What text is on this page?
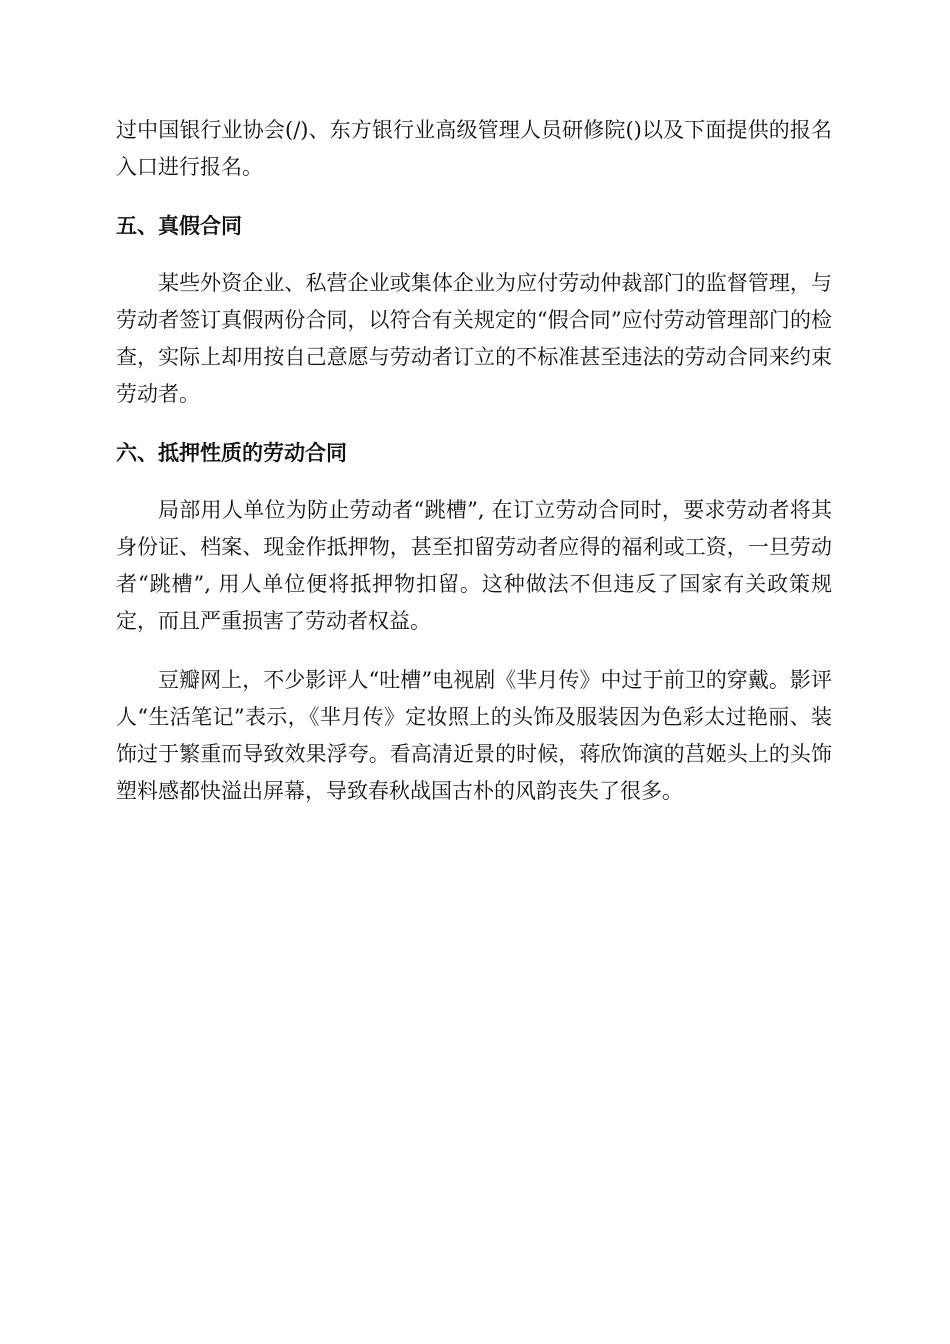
过中国银行业协会(/)、东方银行业高级管理人员研修院()以及下面提供的报名入口进行报名。

五、真假合同

某些外资企业、私营企业或集体企业为应付劳动仲裁部门的监督管理，与劳动者签订真假两份合同，以符合有关规定的“假合同”应付劳动管理部门的检查，实际上却用按自己意愿与劳动者订立的不标准甚至违法的劳动合同来约束劳动者。

六、抵押性质的劳动合同

局部用人单位为防止劳动者“跳槽”, 在订立劳动合同时，要求劳动者将其身份证、档案、现金作抵押物，甚至扣留劳动者应得的福利或工资，一旦劳动者“跳槽”, 用人单位便将抵押物扣留。这种做法不但违反了国家有关政策规定，而且严重损害了劳动者权益。

豆瓣网上，不少影评人“吐槽”电视剧《芈月传》中过于前卫的穿戴。影评人“生活笔记”表示，《芈月传》定妆照上的头饰及服装因为色彩太过艳丽、装饰过于繁重而导致效果浮夸。看高清近景的时候，蒋欣饰演的莒姬头上的头饰塑料感都快溢出屏幕，导致春秋战国古朴的风韵丧失了很多。
